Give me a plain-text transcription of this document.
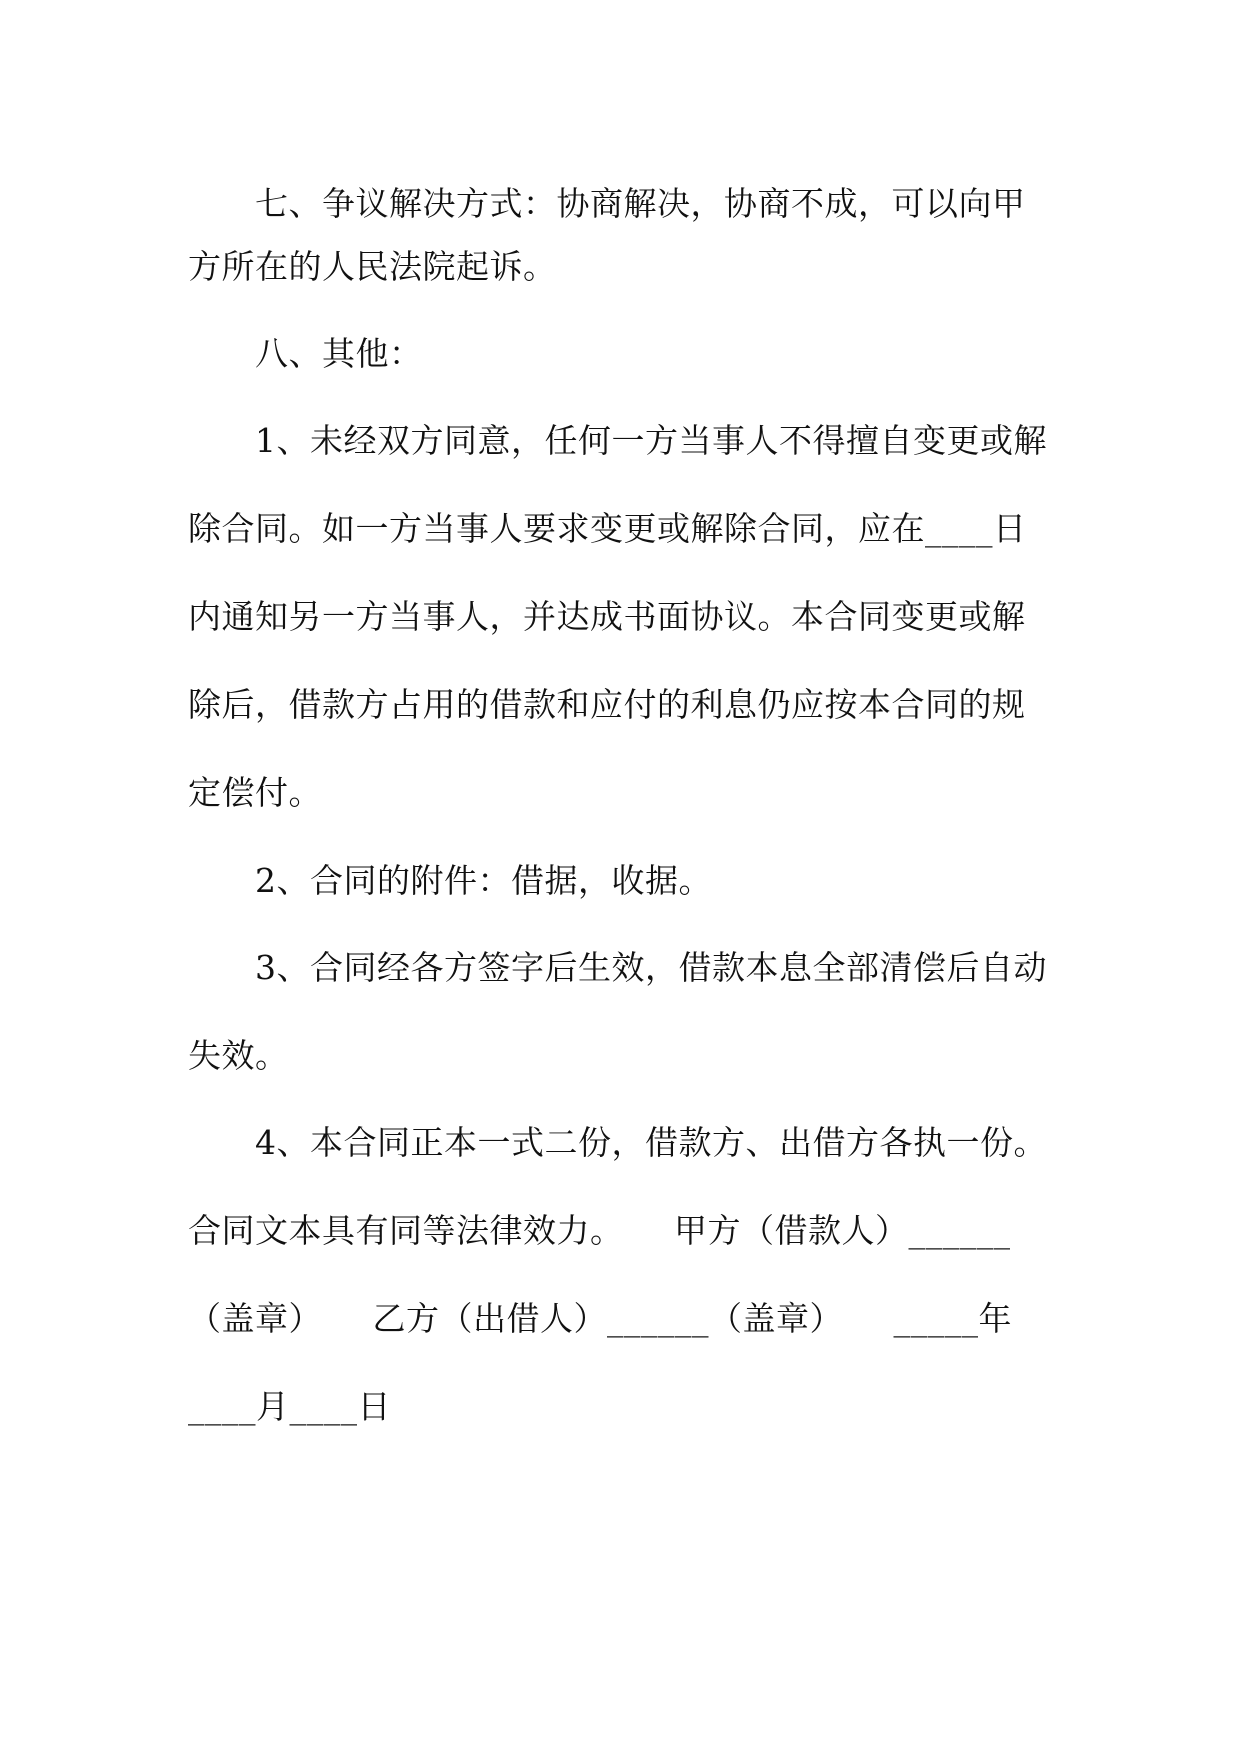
七、争议解决方式：协商解决，协商不成，可以向甲
方所在的人民法院起诉。
八、其他：
1、未经双方同意，任何一方当事人不得擅自变更或解
除合同。如一方当事人要求变更或解除合同，应在____日
内通知另一方当事人，并达成书面协议。本合同变更或解
除后，借款方占用的借款和应付的利息仍应按本合同的规
定偿付。
2、合同的附件：借据，收据。
3、合同经各方签字后生效，借款本息全部清偿后自动
失效。
4、本合同正本一式二份，借款方、出借方各执一份。
合同文本具有同等法律效力。　　甲方（借款人）______
（盖章）　　乙方（出借人）______（盖章）　　_____年
____月____日
